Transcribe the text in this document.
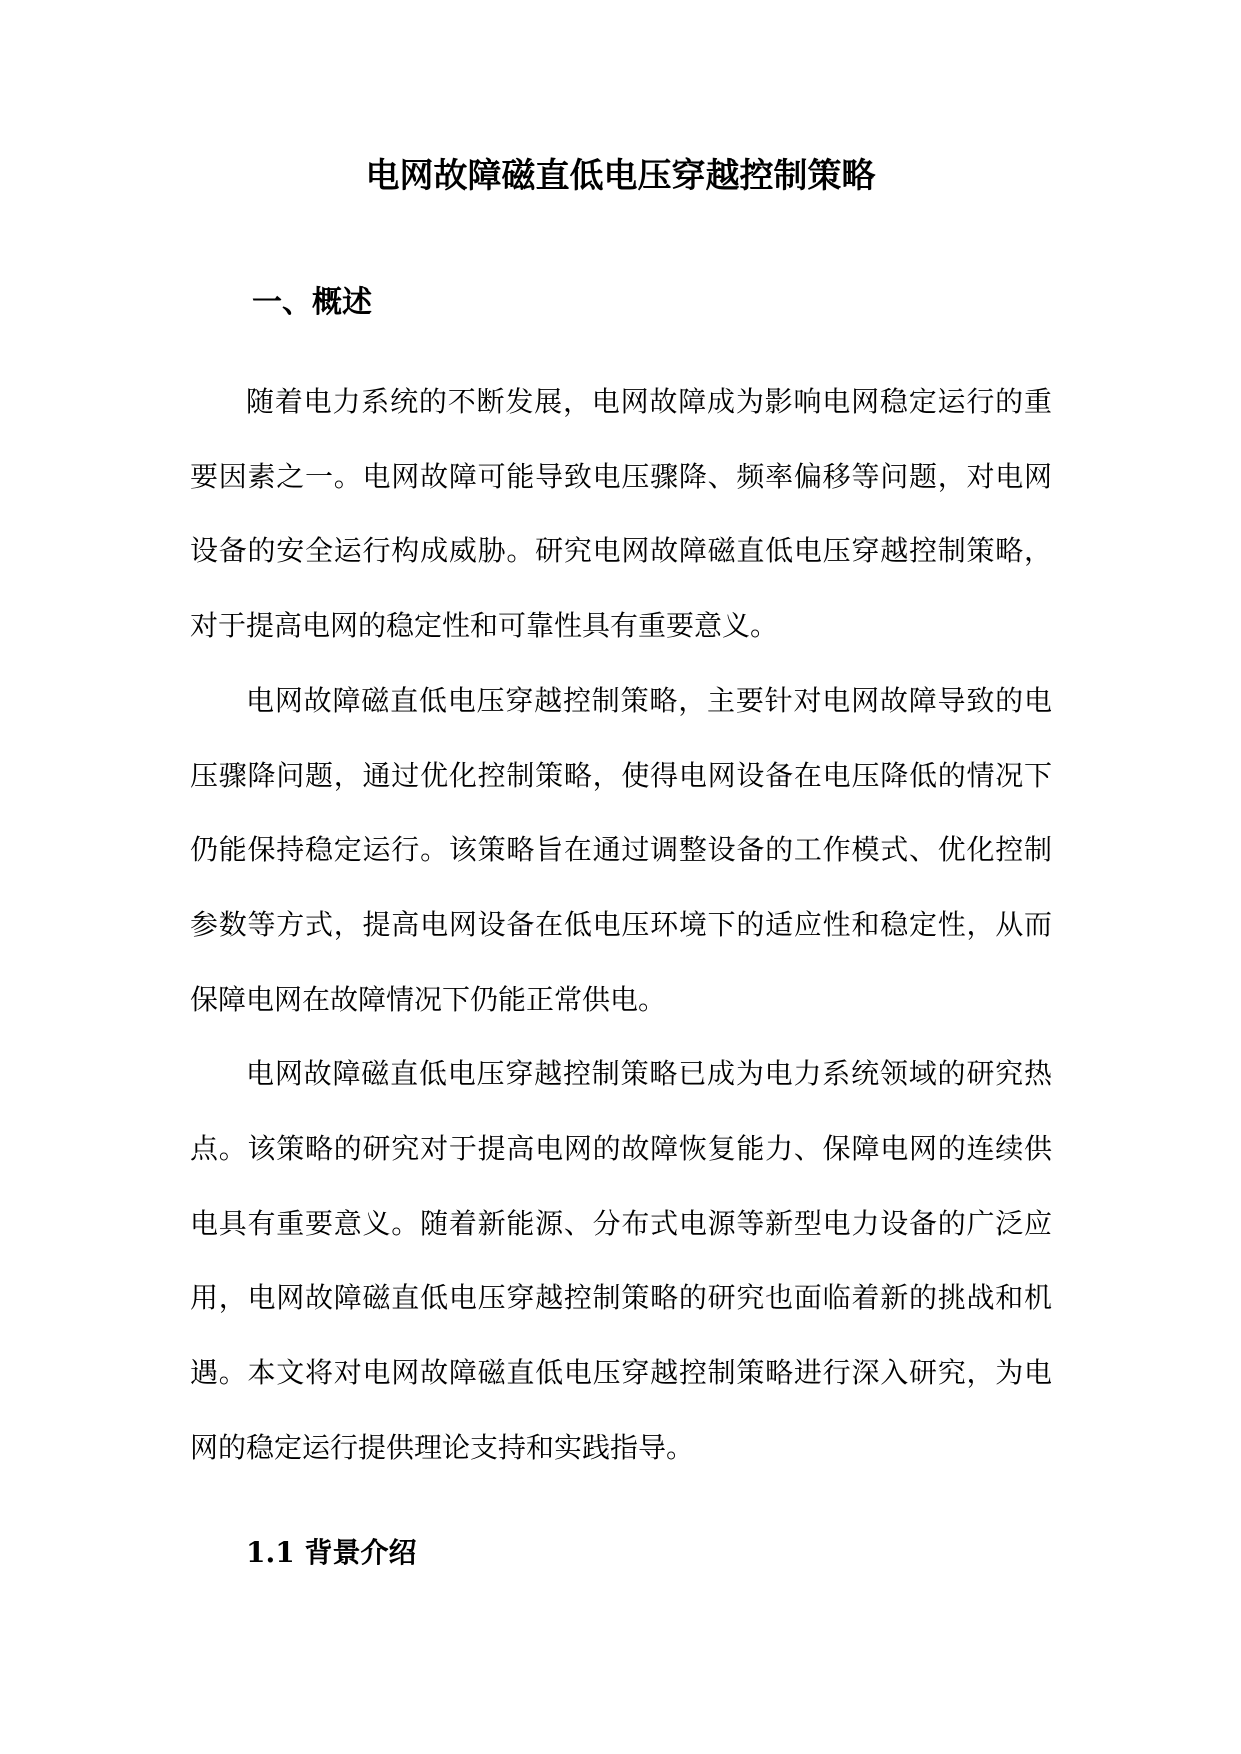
电网故障磁直低电压穿越控制策略
一、概述

随着电力系统的不断发展，电网故障成为影响电网稳定运行的重要因素之一。电网故障可能导致电压骤降、频率偏移等问题，对电网设备的安全运行构成威胁。研究电网故障磁直低电压穿越控制策略，对于提高电网的稳定性和可靠性具有重要意义。

电网故障磁直低电压穿越控制策略，主要针对电网故障导致的电压骤降问题，通过优化控制策略，使得电网设备在电压降低的情况下仍能保持稳定运行。该策略旨在通过调整设备的工作模式、优化控制参数等方式，提高电网设备在低电压环境下的适应性和稳定性，从而保障电网在故障情况下仍能正常供电。

电网故障磁直低电压穿越控制策略已成为电力系统领域的研究热点。该策略的研究对于提高电网的故障恢复能力、保障电网的连续供电具有重要意义。随着新能源、分布式电源等新型电力设备的广泛应用，电网故障磁直低电压穿越控制策略的研究也面临着新的挑战和机遇。本文将对电网故障磁直低电压穿越控制策略进行深入研究，为电网的稳定运行提供理论支持和实践指导。

1.1 背景介绍
